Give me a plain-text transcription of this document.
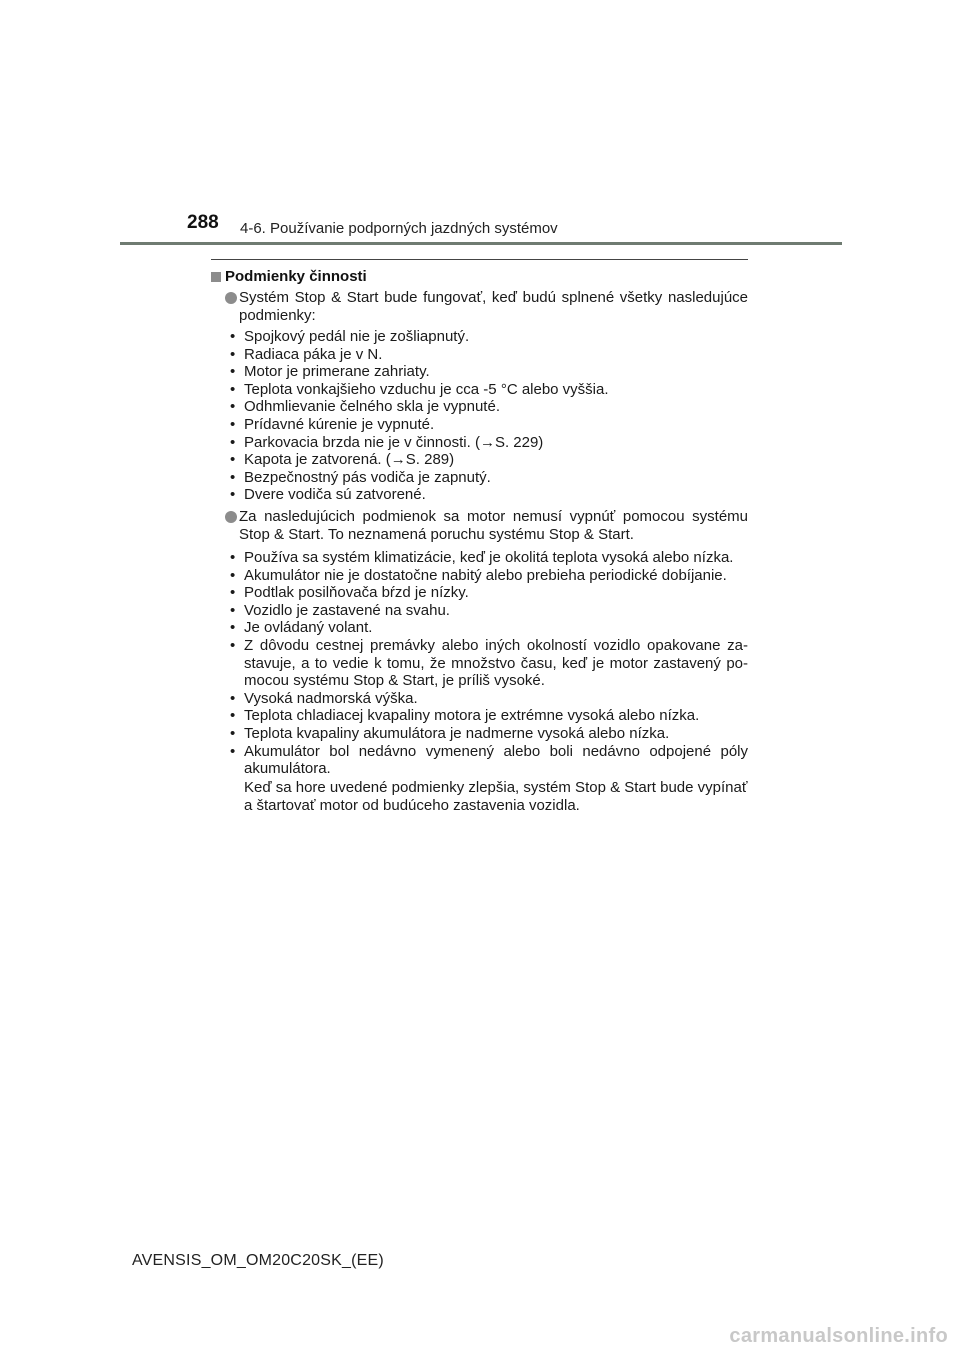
288 4-6. Používanie podporných jazdných systémov
Podmienky činnosti
Systém Stop & Start bude fungovať, keď budú splnené všetky nasledujúce podmienky:
• Spojkový pedál nie je zošliapnutý.
• Radiaca páka je v N.
• Motor je primerane zahriaty.
• Teplota vonkajšieho vzduchu je cca -5 °C alebo vyššia.
• Odhmlievanie čelného skla je vypnuté.
• Prídavné kúrenie je vypnuté.
• Parkovacia brzda nie je v činnosti. (→S. 229)
• Kapota je zatvorená. (→S. 289)
• Bezpečnostný pás vodiča je zapnutý.
• Dvere vodiča sú zatvorené.
Za nasledujúcich podmienok sa motor nemusí vypnúť pomocou systému Stop & Start. To neznamená poruchu systému Stop & Start.
• Používa sa systém klimatizácie, keď je okolitá teplota vysoká alebo nízka.
• Akumulátor nie je dostatočne nabitý alebo prebieha periodické dobíjanie.
• Podtlak posilňovača bŕzd je nízky.
• Vozidlo je zastavené na svahu.
• Je ovládaný volant.
• Z dôvodu cestnej premávky alebo iných okolností vozidlo opakovane za-stavuje, a to vedie k tomu, že množstvo času, keď je motor zastavený po-mocou systému Stop & Start, je príliš vysoké.
• Vysoká nadmorská výška.
• Teplota chladiacej kvapaliny motora je extrémne vysoká alebo nízka.
• Teplota kvapaliny akumulátora je nadmerne vysoká alebo nízka.
• Akumulátor bol nedávno vymenený alebo boli nedávno odpojené póly akumulátora.
Keď sa hore uvedené podmienky zlepšia, systém Stop & Start bude vypínať a štartovať motor od budúceho zastavenia vozidla.
AVENSIS_OM_OM20C20SK_(EE)
carmanualsonline.info
